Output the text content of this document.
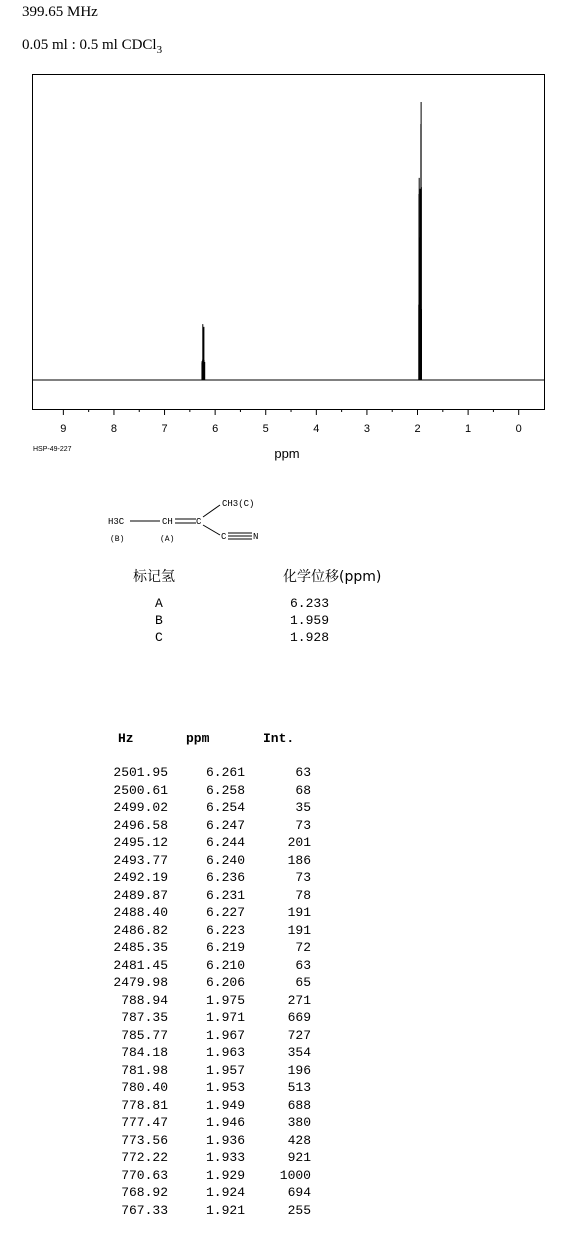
399.65 MHz
0.05 ml : 0.5 ml CDCl$_3$
9	8	7	6	5	4	3	2	1	0
ppm
HSP-49-227
H3C	CH	C
CH3(C)
C	N
(B)	(A)
标记氢	化学位移(ppm)
A	6.233
B	1.959
C	1.928
Hz	ppm	Int.
2501.95	6.261	63
2500.61	6.258	68
2499.02	6.254	35
2496.58	6.247	73
2495.12	6.244	201
2493.77	6.240	186
2492.19	6.236	73
2489.87	6.231	78
2488.40	6.227	191
2486.82	6.223	191
2485.35	6.219	72
2481.45	6.210	63
2479.98	6.206	65
788.94	1.975	271
787.35	1.971	669
785.77	1.967	727
784.18	1.963	354
781.98	1.957	196
780.40	1.953	513
778.81	1.949	688
777.47	1.946	380
773.56	1.936	428
772.22	1.933	921
770.63	1.929	1000
768.92	1.924	694
767.33	1.921	255
